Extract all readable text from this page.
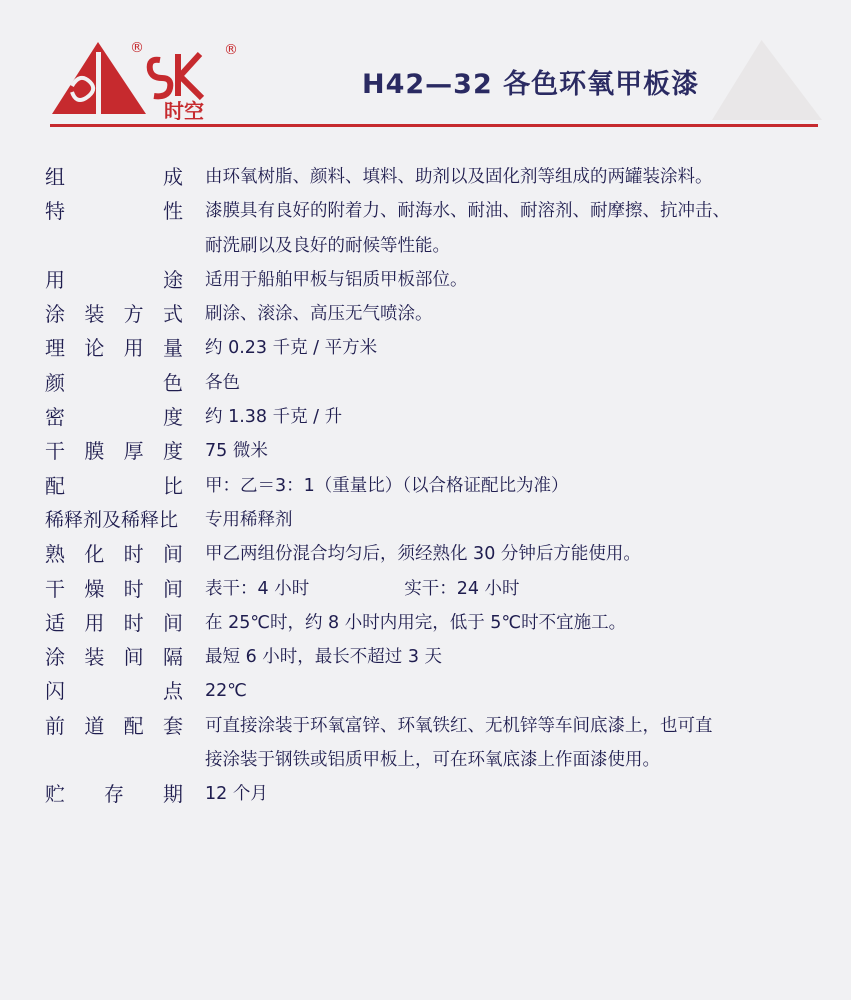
®	®
时空
H42—32 各色环氧甲板漆
组	成 由环氧树脂、颜料、填料、助剂以及固化剂等组成的两罐装涂料。
特	性 漆膜具有良好的附着力、耐海水、耐油、耐溶剂、耐摩擦、抗冲击、
耐洗刷以及良好的耐候等性能。
用	途 适用于船舶甲板与铝质甲板部位。
涂 装 方 式 刷涂、滚涂、高压无气喷涂。
理 论 用 量 约 0.23 千克 / 平方米
颜	色 各色
密	度 约 1.38 千克 / 升
干 膜 厚 度 75 微米
配	比 甲：乙＝3：1（重量比）（以合格证配比为准）
稀释剂及稀释比 专用稀释剂
熟 化 时 间 甲乙两组份混合均匀后，须经熟化 30 分钟后方能使用。
干 燥 时 间 表干：4 小时	实干：24 小时
适 用 时 间 在 25℃时，约 8 小时内用完，低于 5℃时不宜施工。
涂 装 间 隔 最短 6 小时，最长不超过 3 天
闪	点 22℃
前 道 配 套 可直接涂装于环氧富锌、环氧铁红、无机锌等车间底漆上，也可直
接涂装于钢铁或铝质甲板上，可在环氧底漆上作面漆使用。
贮 存 期 12 个月
